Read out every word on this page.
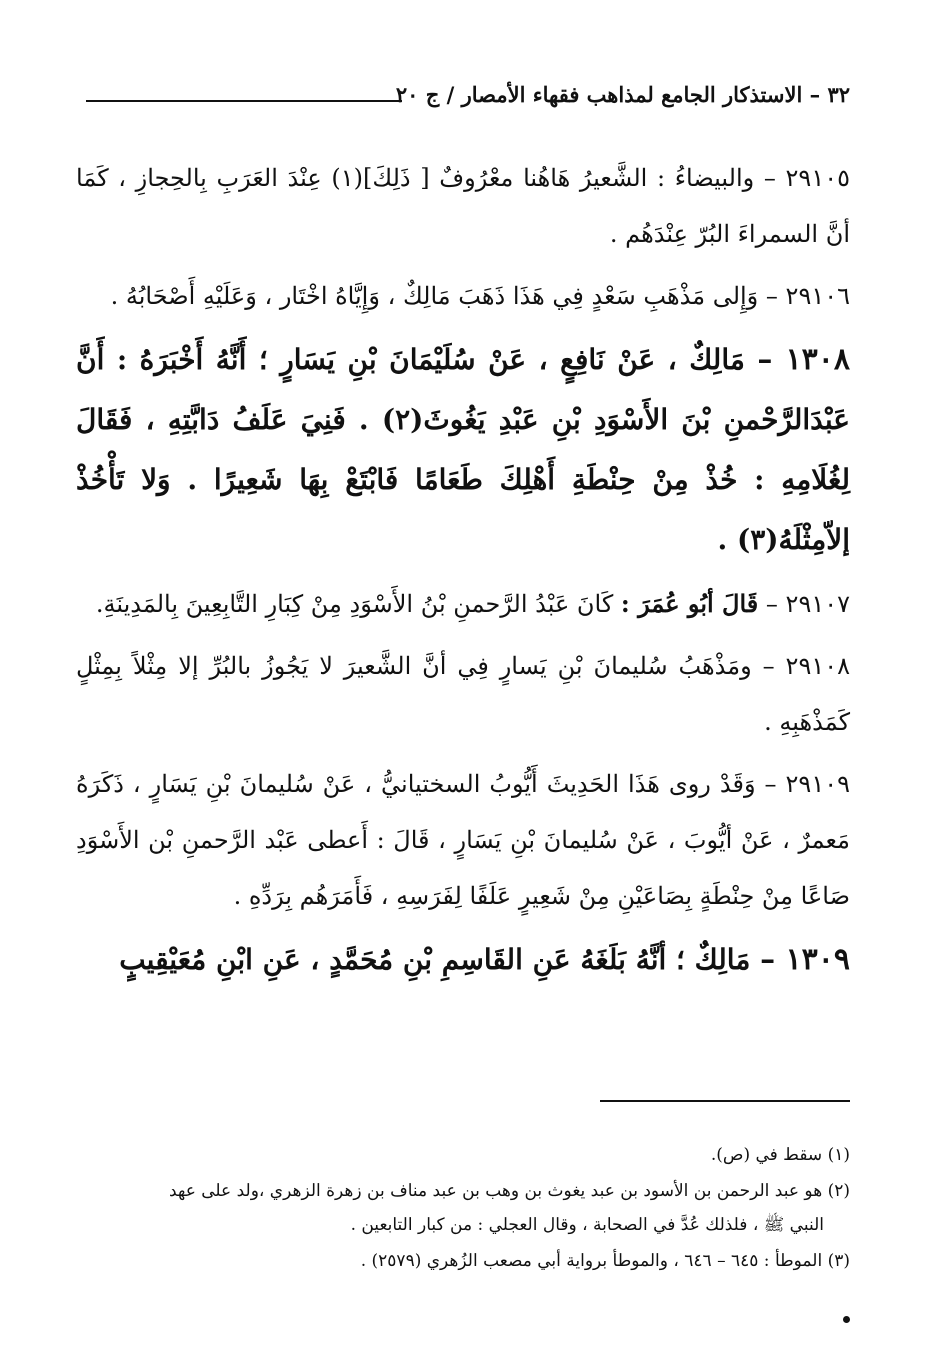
٣٢ – الاستذكار الجامع لمذاهب فقهاء الأمصار / ج ٢٠

٢٩١٠٥ – والبيضاءُ : الشَّعيرُ هَاهُنا معْرُوفٌ [ ذَلِكَ](١) عِنْدَ العَرَبِ بِالحِجازِ ، كَمَا أنَّ السمراءَ البُرّ عِنْدَهُم .

٢٩١٠٦ – وَإِلى مَذْهَبِ سَعْدٍ فِي هَذَا ذَهَبَ مَالِكٌ ، وَإِيَّاهُ اخْتَار ، وَعَلَيْهِ أَصْحَابُهُ .

١٣٠٨ – مَالِكٌ ، عَنْ نَافِعٍ ، عَنْ سُلَيْمَانَ بْنِ يَسَارٍ ؛ أَنَّهُ أَخْبَرَهُ : أَنَّ عَبْدَالرَّحْمنِ بْنَ الأَسْوَدِ بْنِ عَبْدِ يَغُوثَ(٢) . فَنِيَ عَلَفُ دَابَّتِهِ ، فَقَالَ لِغُلَامِهِ : خُذْ مِنْ حِنْطَةِ أَهْلِكَ طَعَامًا فَابْتَعْ بِهَا شَعِيرًا . وَلا تَأْخُذْ إلاّمِثْلَهُ(٣) .

٢٩١٠٧ – قَالَ أبُو عُمَرَ : كَانَ عَبْدُ الرَّحمنِ بْنُ الأَسْوَدِ مِنْ كِبَارِ التَّابِعِينَ بِالمَدِينَةِ.

٢٩١٠٨ – ومَذْهَبُ سُليمانَ بْنِ يَسارٍ فِي أنَّ الشَّعيرَ لا يَجُوزُ بالبُرِّ إلا مِثْلاً بِمِثْلٍ كَمَذْهَبِهِ .

٢٩١٠٩ – وَقَدْ روى هَذَا الحَدِيثَ أَيُّوبُ السختيانيُّ ، عَنْ سُليمانَ بْنِ يَسَارٍ ، ذَكَرَهُ مَعمرٌ ، عَنْ أيُّوبَ ، عَنْ سُليمانَ بْنِ يَسَارٍ ، قَالَ : أَعطى عَبْد الرَّحمنِ بْن الأَسْوَدِ صَاعًا مِنْ حِنْطَةٍ بِصَاعَيْنِ مِنْ شَعِيرٍ عَلَفًا لِفَرَسِهِ ، فَأَمَرَهُم بِرَدِّهِ .

١٣٠٩ – مَالِكٌ ؛ أنَّهُ بَلَغَهُ عَنِ القَاسِمِ بْنِ مُحَمَّدٍ ، عَنِ ابْنِ مُعَيْقِيبٍ

(١) سقط في (ص).
(٢) هو عبد الرحمن بن الأسود بن عبد يغوث بن وهب بن عبد مناف بن زهرة الزهري ،ولد على عهد
النبي ﷺ ، فلذلك عُدَّ في الصحابة ، وقال العجلي : من كبار التابعين .
(٣) الموطأ : ٦٤٥ – ٦٤٦ ، والموطأ برواية أبي مصعب الزُهري (٢٥٧٩) .
